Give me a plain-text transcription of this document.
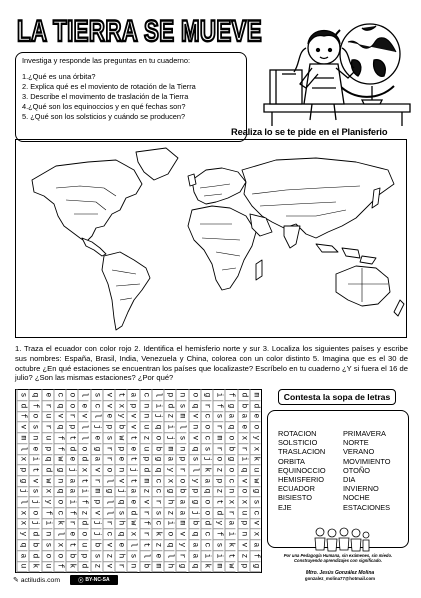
LA TIERRA SE MUEVE
Investiga y responde las preguntas en tu cuaderno:
1.¿Qué es una órbita?
2. Explica qué es el moviento de rotación de la Tierra
3. Describe el movimento de traslación de la Tierra
4.¿Qué son los equinoccios y en qué fechas son?
5. ¿Qué son los solsticios y cuándo se producen?
Realiza lo se te pide en el Planisferio
1. Traza el ecuador con color rojo 2. Identifica el hemisferio norte y sur 3. Localiza los siguientes países y escribe sus nombres: España, Brasil, India, Venezuela y China, colorea con un color distinto 5. Imagina que es el 30 de octubre ¿En qué estaciones se encuentran los países que localizaste? Escríbelo en tu cuaderno ¿Y si fuera el 16 de julio? ¿Son las mismas estaciones? ¿Por qué?
s q e c o l s v t a c l p n o g i f d m
d f r q o e c v x p n i d s q r f g b d
f o u v r v l e y v n j z m v c s a a e
v s r q p l j p b v u q i l n o r q e o
m n u f t l e s w t z o j s v c m o x y
l e p f d o g r p e u b m n q s r b r x
x i q w e d a r e t p g a p s j o g i k
p t d g j x v o n j d q y r l k z o q u
g v w n a t r l v t m c x o y a p c v w
j s x q a i m g j a z c g b p q z n o g
l j y o i f p l q e v r h a g o t x x s
x o f c f z v l s d r s z a j o d r u c
x j i k r d j r h w f c i m b d y a p v
y d n l e o j c q x r k o v q c f i n x
q b s x t u b v e l t z q y a c s k v a
a d o o b p s z h s l e l r a i i t z f
u k u f k d z v r n b m h g q k m w p g
Contesta la sopa de letras
ROTACION
SOLSTICIO
TRASLACION
ORBITA
EQUINOCCIO
HEMISFERIO
ECUADOR
BISIESTO
EJE
PRIMAVERA
NORTE
VERANO
MOVIMIENTO
OTOÑO
DIA
INVIERNO
NOCHE
ESTACIONES
Por una Pedagogía Humana, sin exámenes, sin miedo.
Construyendo aprendizajes con significado.
Mtro. Jesús González Molina
gonzalez_molina77@hotmail.com
✎ actiludis.com	ⓒ BY-NC-SA
